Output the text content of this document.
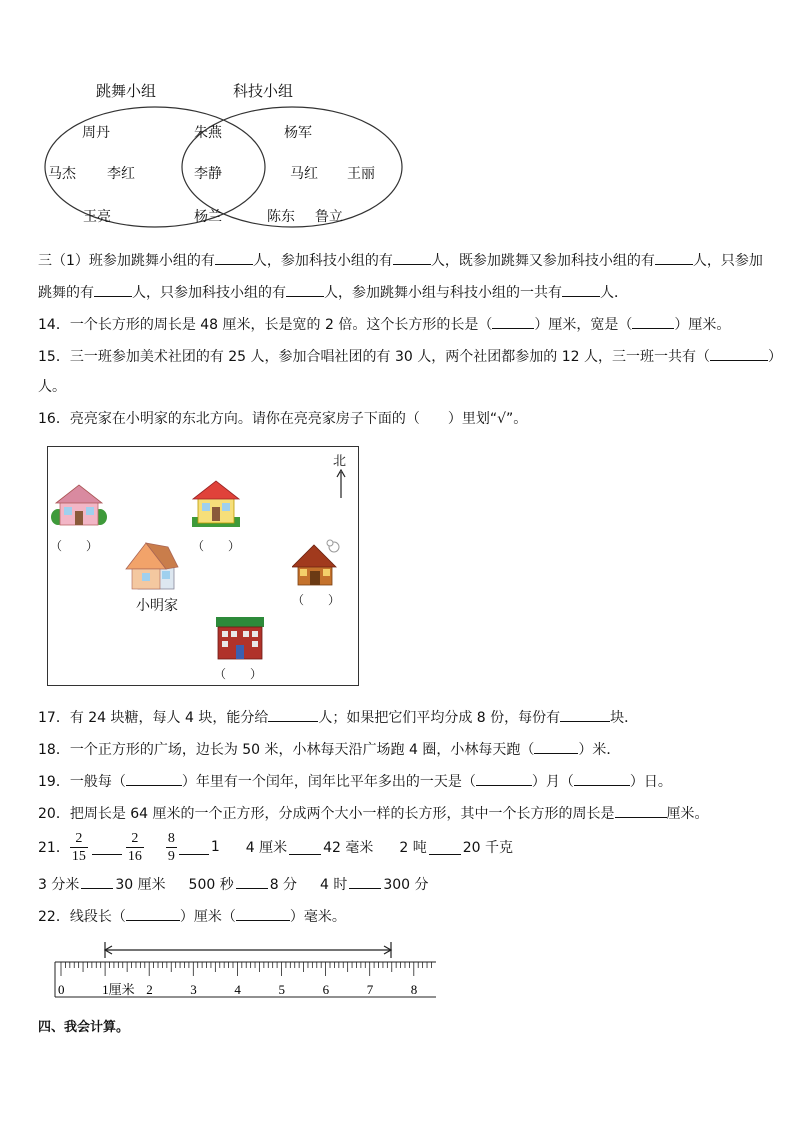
跳舞小组	科技小组
周丹
马杰 李红
王亮
朱燕
李静
杨兰
杨军
马红 王丽
陈东 鲁立
三（1）班参加跳舞小组的有	人，参加科技小组的有	人，既参加跳舞又参加科技小组的有	人，只参加
跳舞的有	人，只参加科技小组的有	人，参加跳舞小组与科技小组的一共有	人．
14．一个长方形的周长是 48 厘米，长是宽的 2 倍。这个长方形的长是（	）厘米，宽是（	）厘米。
15．三一班参加美术社团的有 25 人，参加合唱社团的有 30 人，两个社团都参加的 12 人，三一班一共有（	）
人。
16．亮亮家在小明家的东北方向。请你在亮亮家房子下面的（　　）里划“√”。
北
（　　）	（　　）
小明家	（　　）
（　　）
17．有 24 块糖，每人 4 块，能分给	人；如果把它们平均分成 8 份，每份有	块．
18．一个正方形的广场，边长为 50 米，小林每天沿广场跑 4 圈，小林每天跑（	）米．
19．一般每（	）年里有一个闰年，闰年比平年多出的一天是（	）月（	）日。
20．把周长是 64 厘米的一个正方形，分成两个大小一样的长方形，其中一个长方形的周长是	厘米。
21． $\frac{2}{15}$	$\frac{2}{16} \frac{8}{9} 1$ 4 厘米	42 毫米 2 吨	20 千克
3 分米	30 厘米 500 秒	8 分 4 时	300 分
22．线段长（	）厘米（	）毫米。
0	1厘米 2	3	4	5	6	7	8
四、我会计算。
